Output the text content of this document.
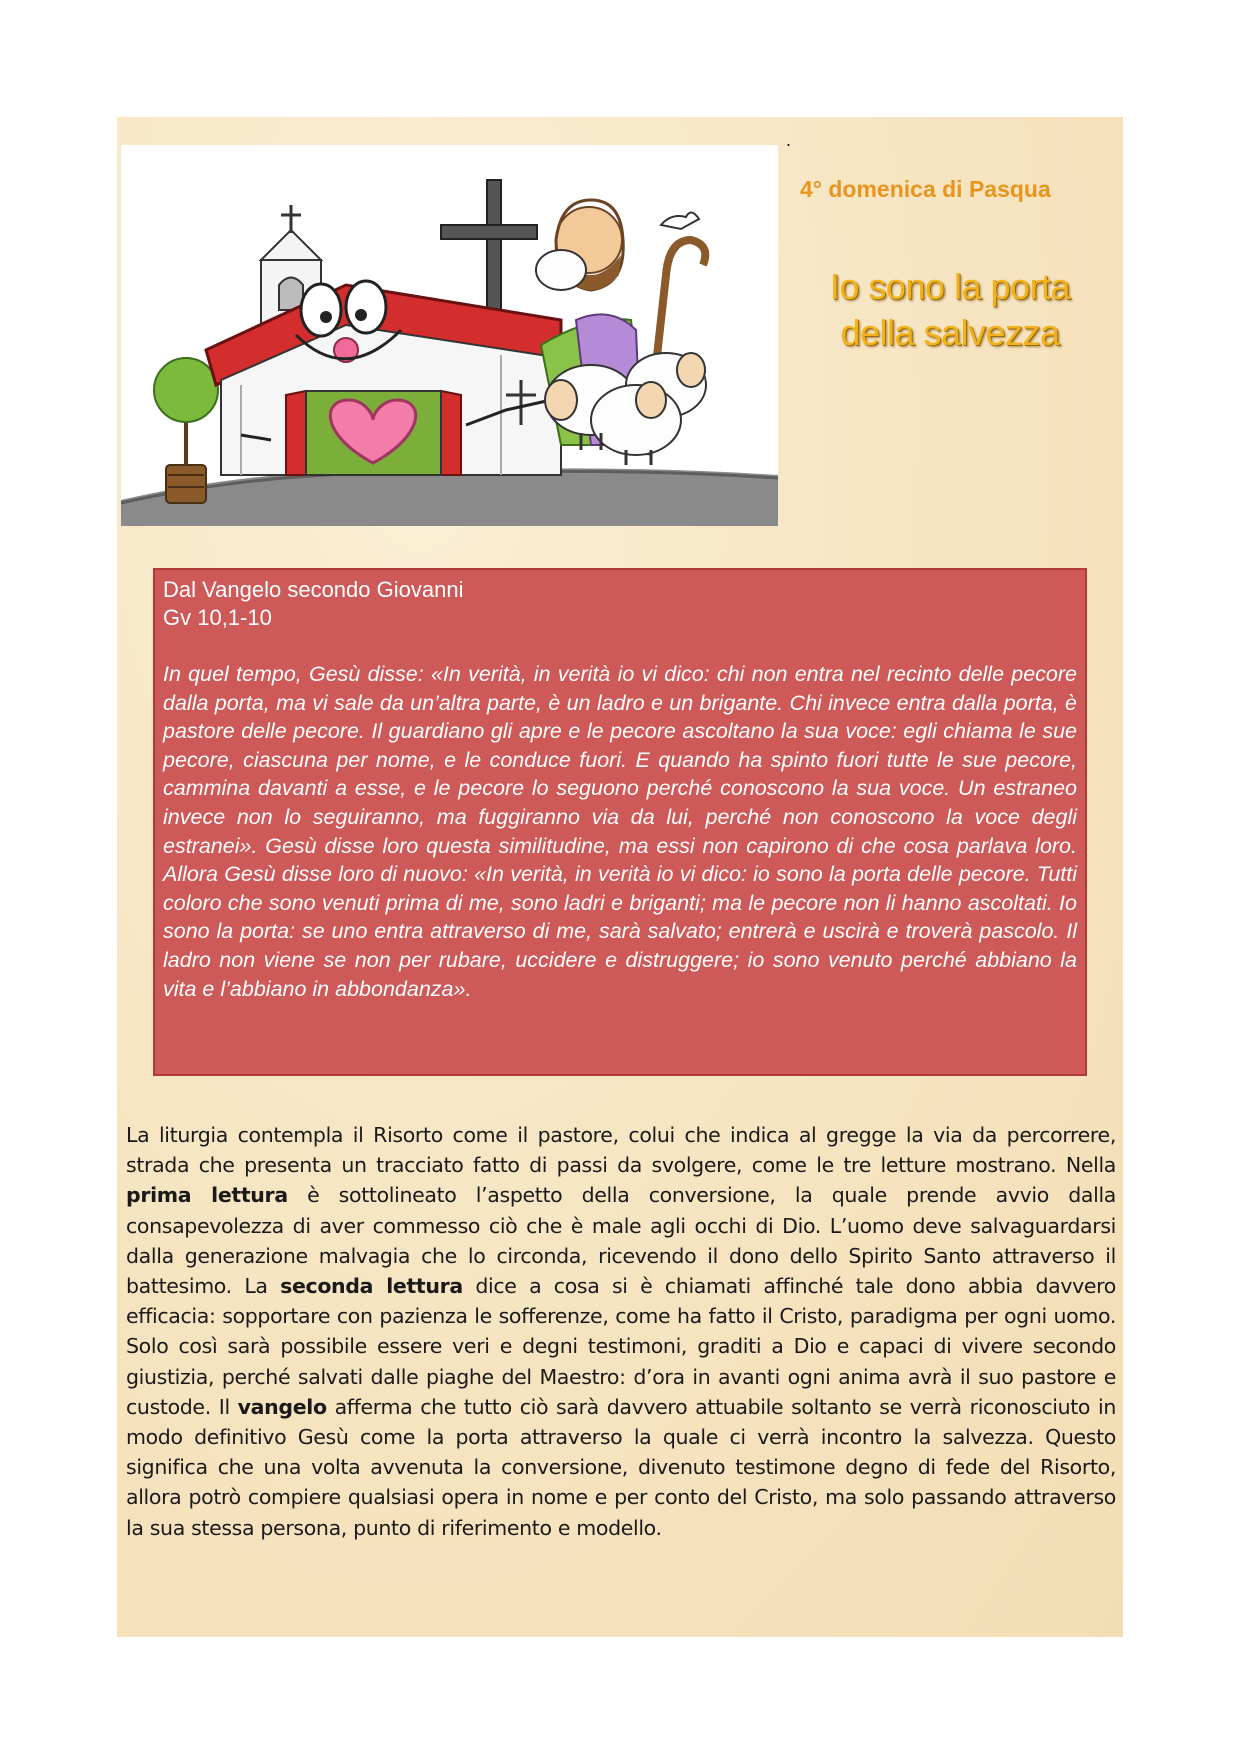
.
4° domenica di Pasqua
Io sono la porta
della salvezza

Dal Vangelo secondo Giovanni
Gv 10,1-10

In quel tempo, Gesù disse: «In verità, in verità io vi dico: chi non entra nel recinto delle pecore dalla porta, ma vi sale da un’altra parte, è un ladro e un brigante. Chi invece entra dalla porta, è pastore delle pecore. Il guardiano gli apre e le pecore ascoltano la sua voce: egli chiama le sue pecore, ciascuna per nome, e le conduce fuori. E quando ha spinto fuori tutte le sue pecore, cammina davanti a esse, e le pecore lo seguono perché conoscono la sua voce. Un estraneo invece non lo seguiranno, ma fuggiranno via da lui, perché non conoscono la voce degli estranei». Gesù disse loro questa similitudine, ma essi non capirono di che cosa parlava loro. Allora Gesù disse loro di nuovo: «In verità, in verità io vi dico: io sono la porta delle pecore. Tutti coloro che sono venuti prima di me, sono ladri e briganti; ma le pecore non li hanno ascoltati. Io sono la porta: se uno entra attraverso di me, sarà salvato; entrerà e uscirà e troverà pascolo. Il ladro non viene se non per rubare, uccidere e distruggere; io sono venuto perché abbiano la vita e l’abbiano in abbondanza».

La liturgia contempla il Risorto come il pastore, colui che indica al gregge la via da percorrere, strada che presenta un tracciato fatto di passi da svolgere, come le tre letture mostrano. Nella prima lettura è sottolineato l’aspetto della conversione, la quale prende avvio dalla consapevolezza di aver commesso ciò che è male agli occhi di Dio. L’uomo deve salvaguardarsi dalla generazione malvagia che lo circonda, ricevendo il dono dello Spirito Santo attraverso il battesimo. La seconda lettura dice a cosa si è chiamati affinché tale dono abbia davvero efficacia: sopportare con pazienza le sofferenze, come ha fatto il Cristo, paradigma per ogni uomo. Solo così sarà possibile essere veri e degni testimoni, graditi a Dio e capaci di vivere secondo giustizia, perché salvati dalle piaghe del Maestro: d’ora in avanti ogni anima avrà il suo pastore e custode. Il vangelo afferma che tutto ciò sarà davvero attuabile soltanto se verrà riconosciuto in modo definitivo Gesù come la porta attraverso la quale ci verrà incontro la salvezza. Questo significa che una volta avvenuta la conversione, divenuto testimone degno di fede del Risorto, allora potrò compiere qualsiasi opera in nome e per conto del Cristo, ma solo passando attraverso la sua stessa persona, punto di riferimento e modello.
